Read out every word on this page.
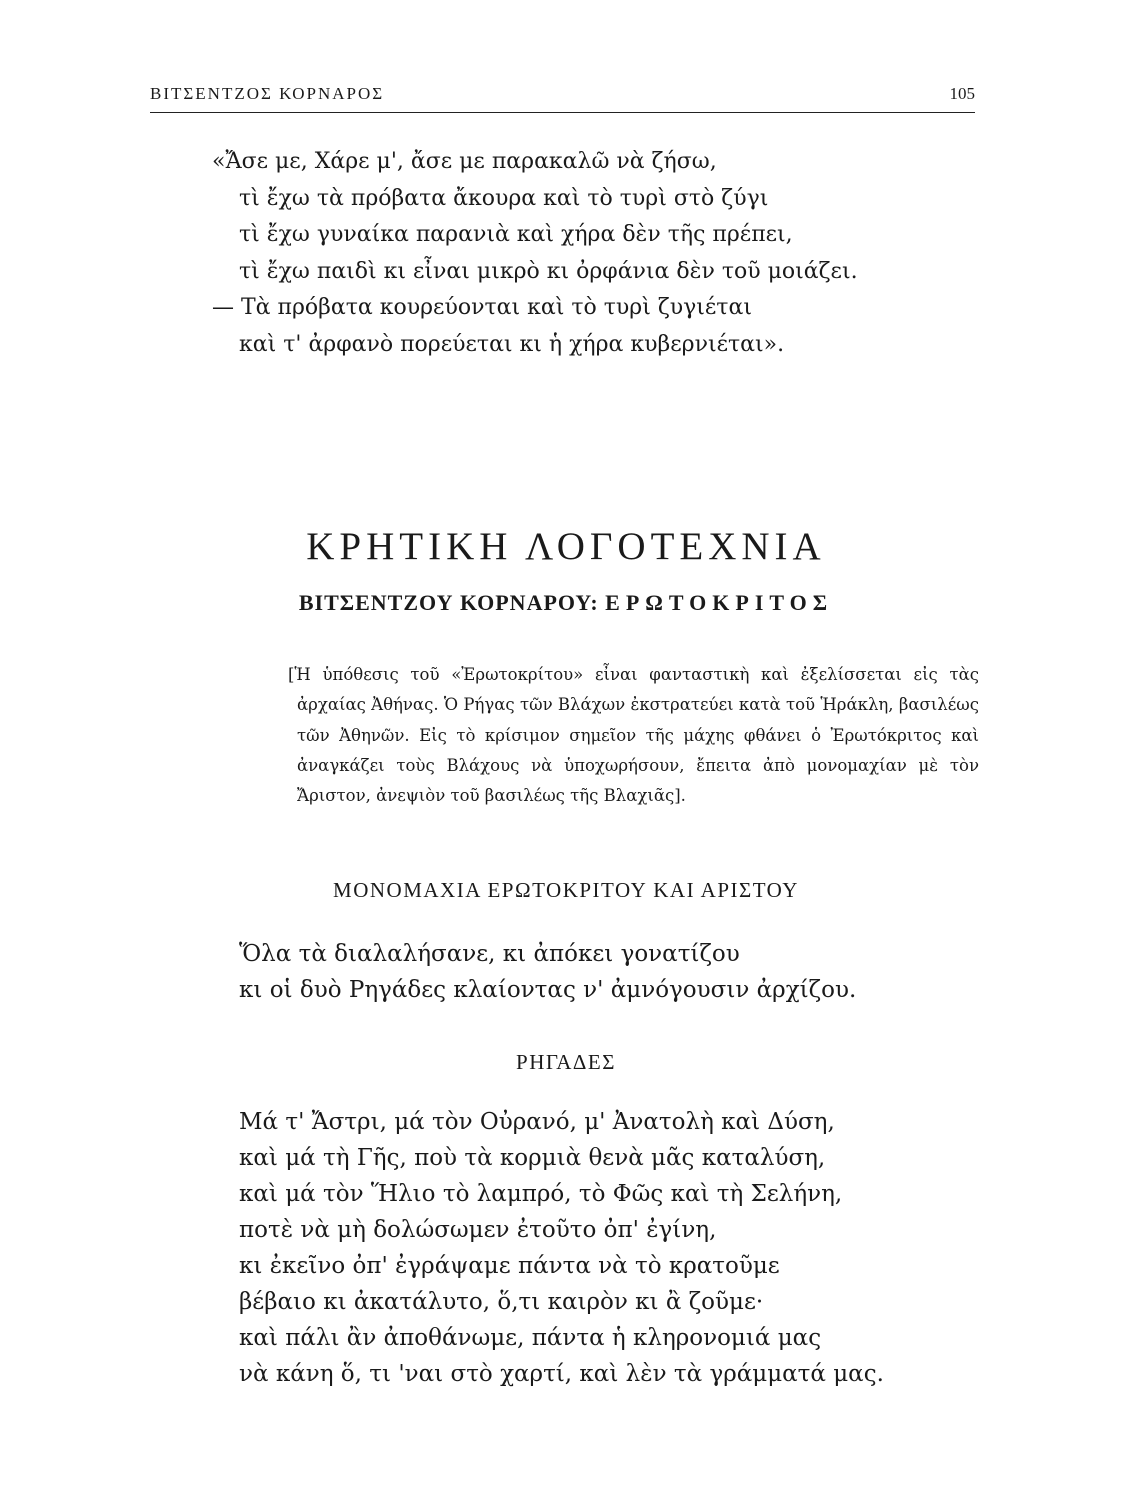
ΒΙΤΣΕΝΤΖΟΣ ΚΟΡΝΑΡΟΣ	105
«Ἄσε με, Χάρε μ', ἄσε με παρακαλῶ νὰ ζήσω,
τὶ ἔχω τὰ πρόβατα ἄκουρα καὶ τὸ τυρὶ στὸ ζύγι
τὶ ἔχω γυναίκα παρανιὰ καὶ χήρα δὲν τῆς πρέπει,
τὶ ἔχω παιδὶ κι εἶναι μικρὸ κι ὀρφάνια δὲν τοῦ μοιάζει.
— Τὰ πρόβατα κουρεύονται καὶ τὸ τυρὶ ζυγιέται
καὶ τ' ἀρφανὸ πορεύεται κι ἡ χήρα κυβερνιέται».
ΚΡΗΤΙΚΗ ΛΟΓΟΤΕΧΝΙΑ
ΒΙΤΣΕΝΤΖΟΥ ΚΟΡΝΑΡΟΥ: ΕΡΩΤΟΚΡΙΤΟΣ

[Ἡ ὑπόθεσις τοῦ «Ἐρωτοκρίτου» εἶναι φανταστικὴ καὶ ἐξελίσσεται εἰς τὰς ἀρχαίας Ἀθήνας. Ὁ Ρήγας τῶν Βλάχων ἐκστρατεύει κατὰ τοῦ Ἡράκλη, βασιλέως τῶν Ἀθηνῶν. Εἰς τὸ κρίσιμον σημεῖον τῆς μάχης φθάνει ὁ Ἐρωτόκριτος καὶ ἀναγκάζει τοὺς Βλάχους νὰ ὑποχωρήσουν, ἔπειτα ἀπὸ μονομαχίαν μὲ τὸν Ἄριστον, ἀνεψιὸν τοῦ βασιλέως τῆς Βλαχιᾶς].

ΜΟΝΟΜΑΧΙΑ ΕΡΩΤΟΚΡΙΤΟΥ ΚΑΙ ΑΡΙΣΤΟΥ
Ὅλα τὰ διαλαλήσανε, κι ἀπόκει γονατίζου
κι οἱ δυὸ Ρηγάδες κλαίοντας ν' ἀμνόγουσιν ἀρχίζου.
ΡΗΓΑΔΕΣ
Μά τ' Ἄστρι, μά τὸν Οὐρανό, μ' Ἀνατολὴ καὶ Δύση,
καὶ μά τὴ Γῆς, ποὺ τὰ κορμιὰ θενὰ μᾶς καταλύση,
καὶ μά τὸν Ἥλιο τὸ λαμπρό, τὸ Φῶς καὶ τὴ Σελήνη,
ποτὲ νὰ μὴ δολώσωμεν ἐτοῦτο ὀπ' ἐγίνη,
κι ἐκεῖνο ὀπ' ἐγράψαμε πάντα νὰ τὸ κρατοῦμε
βέβαιο κι ἀκατάλυτο, ὅ,τι καιρὸν κι ἂ ζοῦμε·
καὶ πάλι ἂν ἀποθάνωμε, πάντα ἡ κληρονομιά μας
νὰ κάνη ὅ, τι 'ναι στὸ χαρτί, καὶ λὲν τὰ γράμματά μας.
